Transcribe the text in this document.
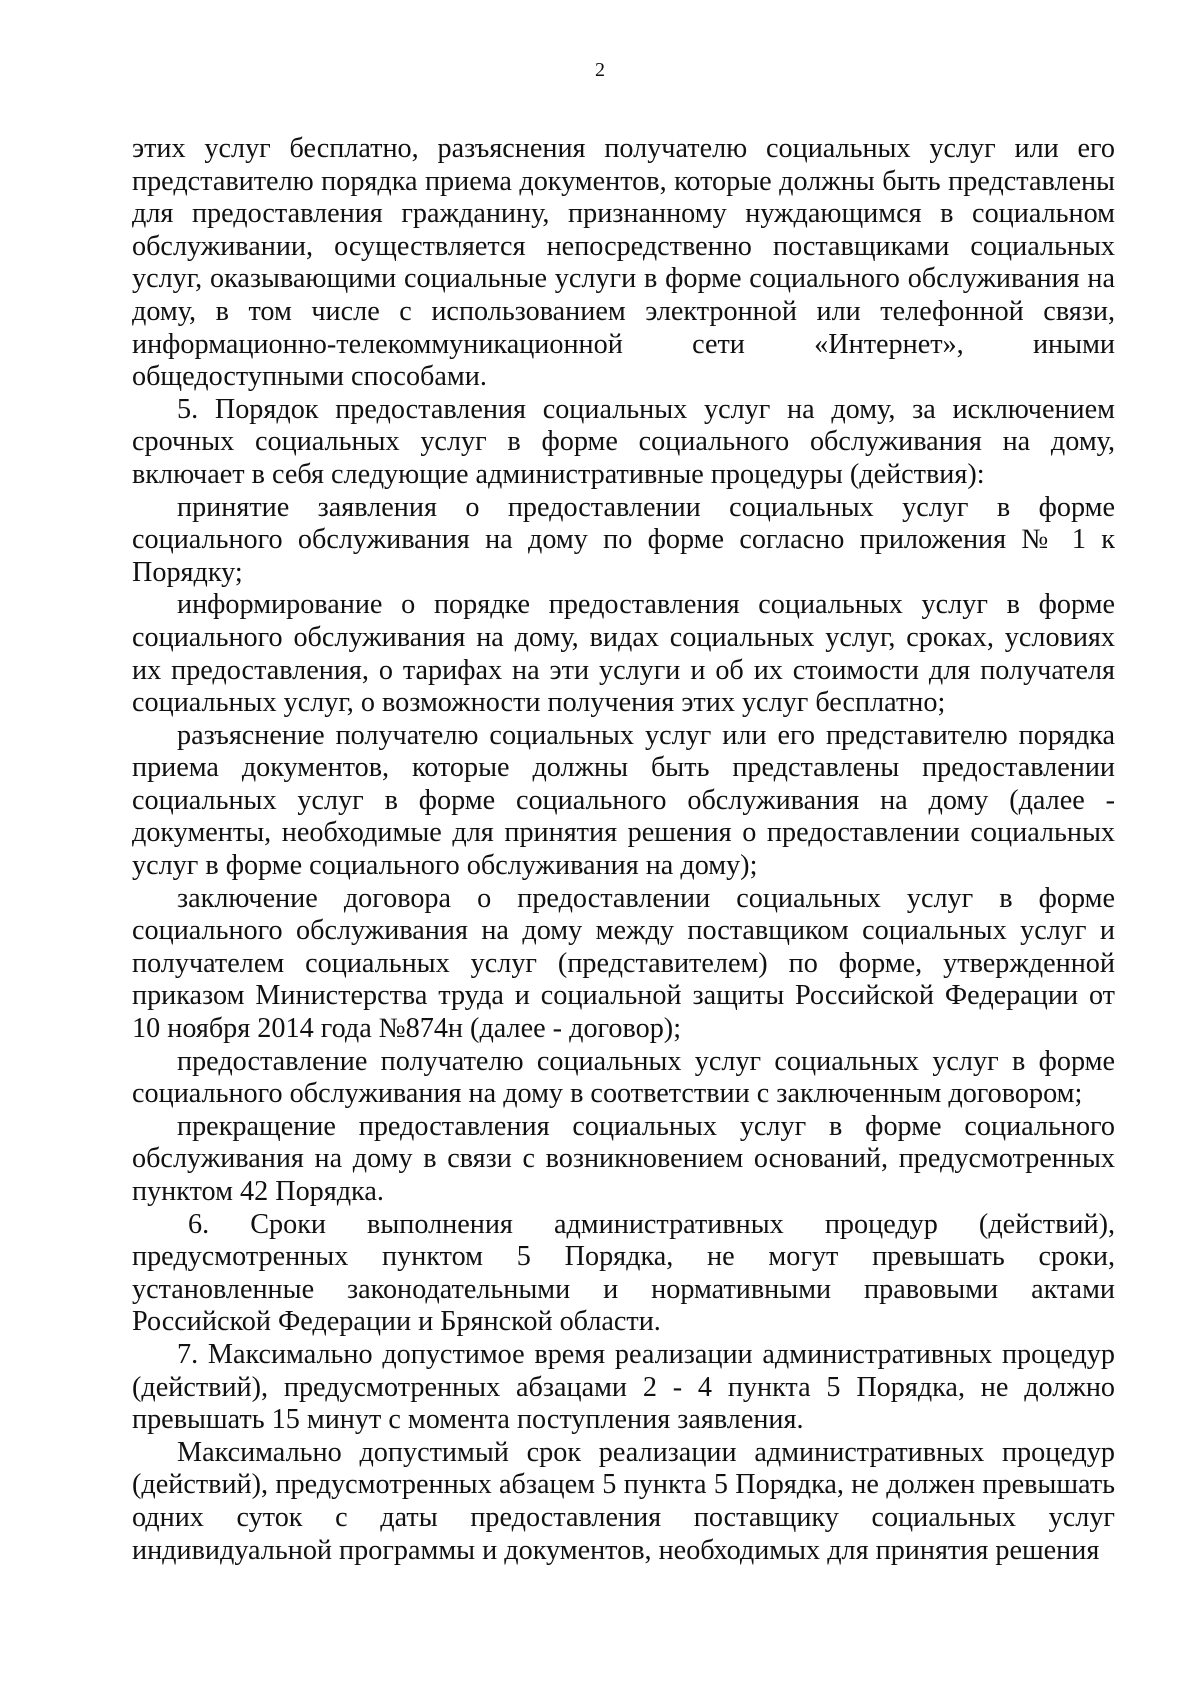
2

этих услуг бесплатно, разъяснения получателю социальных услуг или его представителю порядка приема документов, которые должны быть представлены для предоставления гражданину, признанному нуждающимся в социальном обслуживании, осуществляется непосредственно поставщиками социальных услуг, оказывающими социальные услуги в форме социального обслуживания на дому, в том числе с использованием электронной или телефонной связи, информационно-телекоммуникационной сети «Интернет», иными общедоступными способами.

5. Порядок предоставления социальных услуг на дому, за исключением срочных социальных услуг в форме социального обслуживания на дому, включает в себя следующие административные процедуры (действия):

принятие заявления о предоставлении социальных услуг в форме социального обслуживания на дому по форме согласно приложения № 1 к Порядку;

информирование о порядке предоставления социальных услуг в форме социального обслуживания на дому, видах социальных услуг, сроках, условиях их предоставления, о тарифах на эти услуги и об их стоимости для получателя социальных услуг, о возможности получения этих услуг бесплатно;

разъяснение получателю социальных услуг или его представителю порядка приема документов, которые должны быть представлены предоставлении социальных услуг в форме социального обслуживания на дому (далее - документы, необходимые для принятия решения о предоставлении социальных услуг в форме социального обслуживания на дому);

заключение договора о предоставлении социальных услуг в форме социального обслуживания на дому между поставщиком социальных услуг и получателем социальных услуг (представителем) по форме, утвержденной приказом Министерства труда и социальной защиты Российской Федерации от 10 ноября 2014 года №874н (далее - договор);

предоставление получателю социальных услуг социальных услуг в форме социального обслуживания на дому в соответствии с заключенным договором;

прекращение предоставления социальных услуг в форме социального обслуживания на дому в связи с возникновением оснований, предусмотренных пунктом 42 Порядка.

6. Сроки выполнения административных процедур (действий), предусмотренных пунктом 5 Порядка, не могут превышать сроки, установленные законодательными и нормативными правовыми актами Российской Федерации и Брянской области.

7. Максимально допустимое время реализации административных процедур (действий), предусмотренных абзацами 2 - 4 пункта 5 Порядка, не должно превышать 15 минут с момента поступления заявления.

Максимально допустимый срок реализации административных процедур (действий), предусмотренных абзацем 5 пункта 5 Порядка, не должен превышать одних суток с даты предоставления поставщику социальных услуг индивидуальной программы и документов, необходимых для принятия решения
